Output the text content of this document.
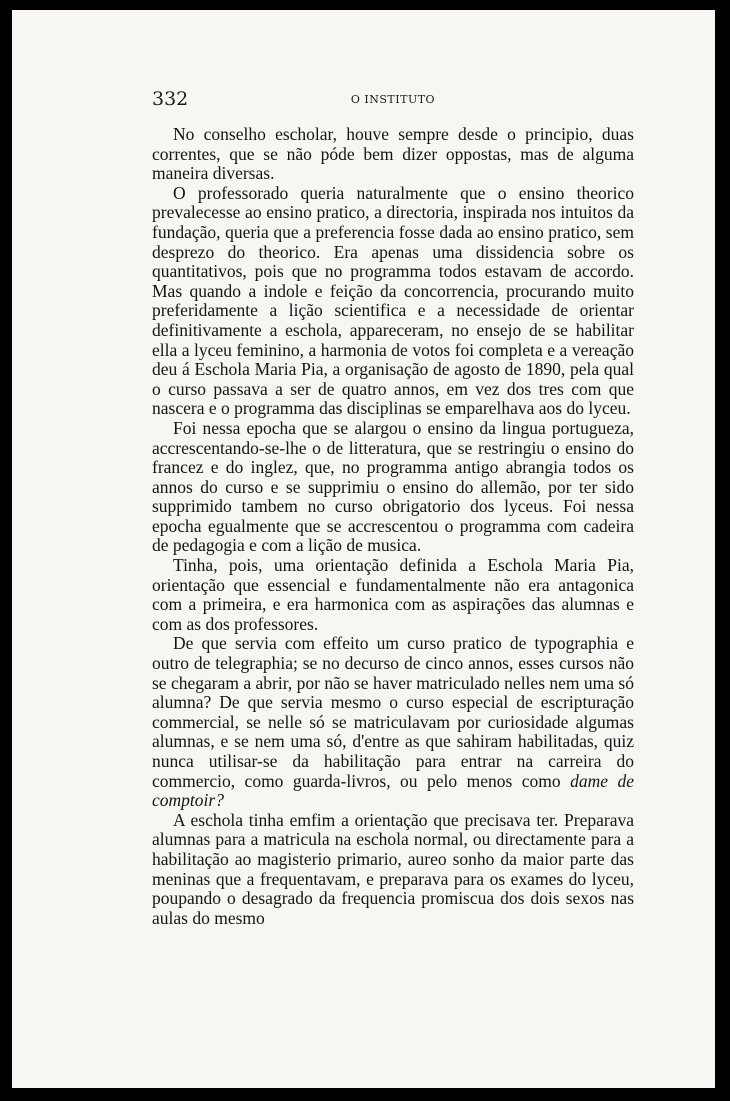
332	O INSTITUTO

No conselho escholar, houve sempre desde o principio, duas correntes, que se não póde bem dizer oppostas, mas de alguma maneira diversas.

O professorado queria naturalmente que o ensino theorico prevalecesse ao ensino pratico, a directoria, inspirada nos intuitos da fundação, queria que a preferencia fosse dada ao ensino pratico, sem desprezo do theorico. Era apenas uma dissidencia sobre os quantitativos, pois que no programma todos estavam de accordo. Mas quando a indole e feição da concorrencia, procurando muito preferidamente a lição scientifica e a necessidade de orientar definitivamente a eschola, appareceram, no ensejo de se habilitar ella a lyceu feminino, a harmonia de votos foi completa e a vereação deu á Eschola Maria Pia, a organisação de agosto de 1890, pela qual o curso passava a ser de quatro annos, em vez dos tres com que nascera e o programma das disciplinas se emparelhava aos do lyceu.

Foi nessa epocha que se alargou o ensino da lingua portugueza, accrescentando-se-lhe o de litteratura, que se restringiu o ensino do francez e do inglez, que, no programma antigo abrangia todos os annos do curso e se supprimiu o ensino do allemão, por ter sido supprimido tambem no curso obrigatorio dos lyceus. Foi nessa epocha egualmente que se accrescentou o programma com cadeira de pedagogia e com a lição de musica.

Tinha, pois, uma orientação definida a Eschola Maria Pia, orientação que essencial e fundamentalmente não era antagonica com a primeira, e era harmonica com as aspirações das alumnas e com as dos professores.

De que servia com effeito um curso pratico de typographia e outro de telegraphia; se no decurso de cinco annos, esses cursos não se chegaram a abrir, por não se haver matriculado nelles nem uma só alumna? De que servia mesmo o curso especial de escripturação commercial, se nelle só se matriculavam por curiosidade algumas alumnas, e se nem uma só, d'entre as que sahiram habilitadas, quiz nunca utilisar-se da habilitação para entrar na carreira do commercio, como guarda-livros, ou pelo menos como dame de comptoir?

A eschola tinha emfim a orientação que precisava ter. Preparava alumnas para a matricula na eschola normal, ou directamente para a habilitação ao magisterio primario, aureo sonho da maior parte das meninas que a frequentavam, e preparava para os exames do lyceu, poupando o desagrado da frequencia promiscua dos dois sexos nas aulas do mesmo
